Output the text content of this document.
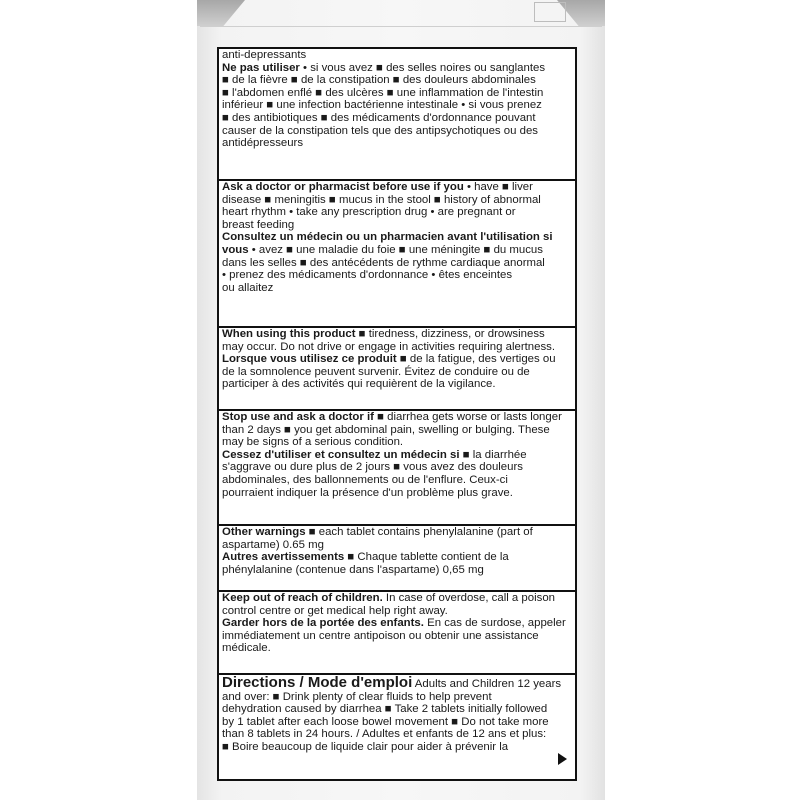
anti-depressants

Ne pas utiliser • si vous avez ■ des selles noires ou sanglantes

■ de la fièvre ■ de la constipation ■ des douleurs abdominales

■ l'abdomen enflé ■ des ulcères ■ une inflammation de l'intestin

inférieur ■ une infection bactérienne intestinale • si vous prenez

■ des antibiotiques ■ des médicaments d'ordonnance pouvant

causer de la constipation tels que des antipsychotiques ou des

antidépresseurs

Ask a doctor or pharmacist before use if you • have ■ liver

disease ■ meningitis ■ mucus in the stool ■ history of abnormal

heart rhythm • take any prescription drug • are pregnant or

breast feeding

Consultez un médecin ou un pharmacien avant l'utilisation si

vous • avez ■ une maladie du foie ■ une méningite ■ du mucus

dans les selles ■ des antécédents de rythme cardiaque anormal

• prenez des médicaments d'ordonnance • êtes enceintes

ou allaitez

When using this product ■ tiredness, dizziness, or drowsiness

may occur. Do not drive or engage in activities requiring alertness.

Lorsque vous utilisez ce produit ■ de la fatigue, des vertiges ou

de la somnolence peuvent survenir. Évitez de conduire ou de

participer à des activités qui requièrent de la vigilance.

Stop use and ask a doctor if ■ diarrhea gets worse or lasts longer

than 2 days ■ you get abdominal pain, swelling or bulging. These

may be signs of a serious condition.

Cessez d'utiliser et consultez un médecin si ■ la diarrhée

s'aggrave ou dure plus de 2 jours ■ vous avez des douleurs

abdominales, des ballonnements ou de l'enflure. Ceux-ci

pourraient indiquer la présence d'un problème plus grave.

Other warnings ■ each tablet contains phenylalanine (part of

aspartame) 0.65 mg

Autres avertissements ■ Chaque tablette contient de la

phénylalanine (contenue dans l'aspartame) 0,65 mg

Keep out of reach of children. In case of overdose, call a poison

control centre or get medical help right away.

Garder hors de la portée des enfants. En cas de surdose, appeler

immédiatement un centre antipoison ou obtenir une assistance

médicale.

Directions / Mode d'emploi Adults and Children 12 years

and over: ■ Drink plenty of clear fluids to help prevent

dehydration caused by diarrhea ■ Take 2 tablets initially followed

by 1 tablet after each loose bowel movement ■ Do not take more

than 8 tablets in 24 hours. / Adultes et enfants de 12 ans et plus:

■ Boire beaucoup de liquide clair pour aider à prévenir la
